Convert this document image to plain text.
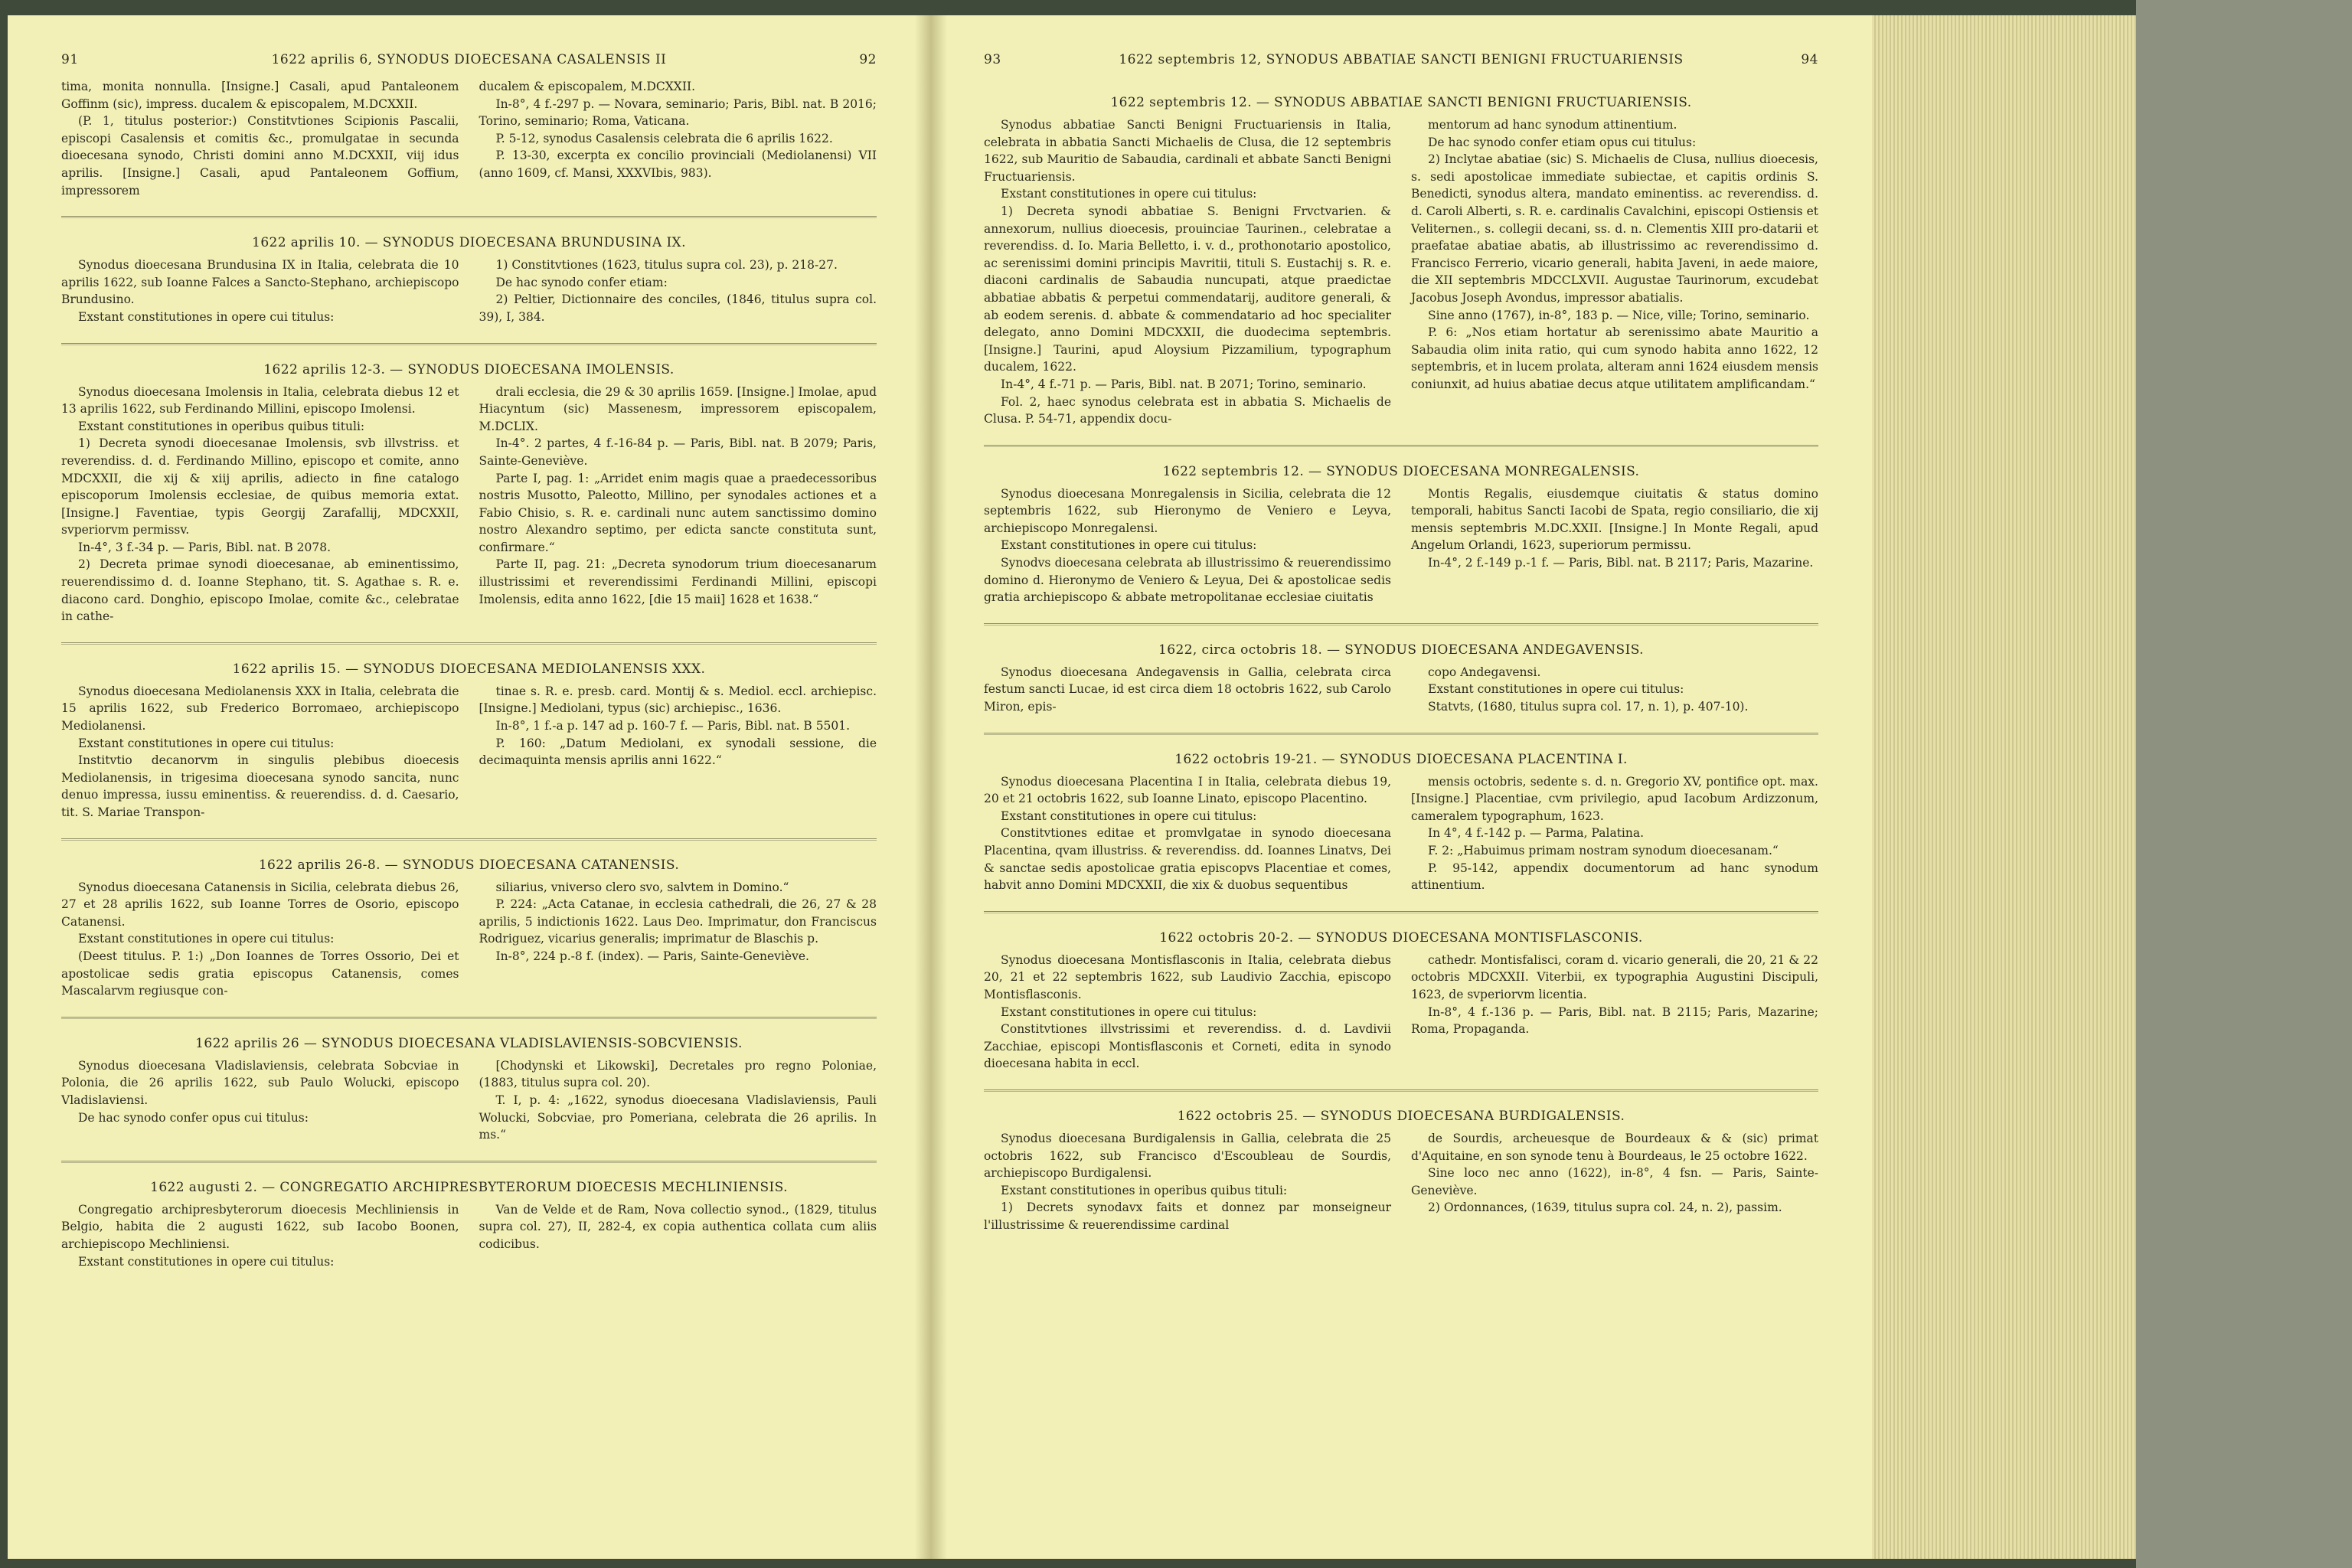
91	1622 aprilis 6, SYNODUS DIOECESANA CASALENSIS II	92

tima, monita nonnulla. [Insigne.] Casali, apud Pantaleonem Goffinm (sic), impress. ducalem & episcopalem, M.DCXXII.

(P. 1, titulus posterior:) Constitvtiones Scipionis Pascalii, episcopi Casalensis et comitis &c., promulgatae in secunda dioecesana synodo, Christi domini anno M.DCXXII, viij idus aprilis. [Insigne.] Casali, apud Pantaleonem Goffium, impressorem

ducalem & episcopalem, M.DCXXII.

In-8°, 4 f.-297 p. — Novara, seminario; Paris, Bibl. nat. B 2016; Torino, seminario; Roma, Vaticana.

P. 5-12, synodus Casalensis celebrata die 6 aprilis 1622.

P. 13-30, excerpta ex concilio provinciali (Mediolanensi) VII (anno 1609, cf. Mansi, XXXVIbis, 983).

1622 aprilis 10. — SYNODUS DIOECESANA BRUNDUSINA IX.

Synodus dioecesana Brundusina IX in Italia, celebrata die 10 aprilis 1622, sub Ioanne Falces a Sancto-Stephano, archiepiscopo Brundusino.

Exstant constitutiones in opere cui titulus:

1) Constitvtiones (1623, titulus supra col. 23), p. 218-27.

De hac synodo confer etiam:

2) Peltier, Dictionnaire des conciles, (1846, titulus supra col. 39), I, 384.

1622 aprilis 12-3. — SYNODUS DIOECESANA IMOLENSIS.

Synodus dioecesana Imolensis in Italia, celebrata diebus 12 et 13 aprilis 1622, sub Ferdinando Millini, episcopo Imolensi.

Exstant constitutiones in operibus quibus tituli:

1) Decreta synodi dioecesanae Imolensis, svb illvstriss. et reverendiss. d. d. Ferdinando Millino, episcopo et comite, anno MDCXXII, die xij & xiij aprilis, adiecto in fine catalogo episcoporum Imolensis ecclesiae, de quibus memoria extat. [Insigne.] Faventiae, typis Georgij Zarafallij, MDCXXII, svperiorvm permissv.

In-4°, 3 f.-34 p. — Paris, Bibl. nat. B 2078.

2) Decreta primae synodi dioecesanae, ab eminentissimo, reuerendissimo d. d. Ioanne Stephano, tit. S. Agathae s. R. e. diacono card. Donghio, episcopo Imolae, comite &c., celebratae in cathe-

drali ecclesia, die 29 & 30 aprilis 1659. [Insigne.] Imolae, apud Hiacyntum (sic) Massenesm, impressorem episcopalem, M.DCLIX.

In-4°. 2 partes, 4 f.-16-84 p. — Paris, Bibl. nat. B 2079; Paris, Sainte-Geneviève.

Parte I, pag. 1: „Arridet enim magis quae a praedecessoribus nostris Musotto, Paleotto, Millino, per synodales actiones et a Fabio Chisio, s. R. e. cardinali nunc autem sanctissimo domino nostro Alexandro septimo, per edicta sancte constituta sunt, confirmare.“

Parte II, pag. 21: „Decreta synodorum trium dioecesanarum illustrissimi et reverendissimi Ferdinandi Millini, episcopi Imolensis, edita anno 1622, [die 15 maii] 1628 et 1638.“

1622 aprilis 15. — SYNODUS DIOECESANA MEDIOLANENSIS XXX.

Synodus dioecesana Mediolanensis XXX in Italia, celebrata die 15 aprilis 1622, sub Frederico Borromaeo, archiepiscopo Mediolanensi.

Exstant constitutiones in opere cui titulus:

Institvtio decanorvm in singulis plebibus dioecesis Mediolanensis, in trigesima dioecesana synodo sancita, nunc denuo impressa, iussu eminentiss. & reuerendiss. d. d. Caesario, tit. S. Mariae Transpon-

tinae s. R. e. presb. card. Montij & s. Mediol. eccl. archiepisc. [Insigne.] Mediolani, typus (sic) archiepisc., 1636.

In-8°, 1 f.-a p. 147 ad p. 160-7 f. — Paris, Bibl. nat. B 5501.

P. 160: „Datum Mediolani, ex synodali sessione, die decimaquinta mensis aprilis anni 1622.“

1622 aprilis 26-8. — SYNODUS DIOECESANA CATANENSIS.

Synodus dioecesana Catanensis in Sicilia, celebrata diebus 26, 27 et 28 aprilis 1622, sub Ioanne Torres de Osorio, episcopo Catanensi.

Exstant constitutiones in opere cui titulus:

(Deest titulus. P. 1:) „Don Ioannes de Torres Ossorio, Dei et apostolicae sedis gratia episcopus Catanensis, comes Mascalarvm regiusque con-

siliarius, vniverso clero svo, salvtem in Domino.“

P. 224: „Acta Catanae, in ecclesia cathedrali, die 26, 27 & 28 aprilis, 5 indictionis 1622. Laus Deo. Imprimatur, don Franciscus Rodriguez, vicarius generalis; imprimatur de Blaschis p.

In-8°, 224 p.-8 f. (index). — Paris, Sainte-Geneviève.

1622 aprilis 26 — SYNODUS DIOECESANA VLADISLAVIENSIS-SOBCVIENSIS.

Synodus dioecesana Vladislaviensis, celebrata Sobcviae in Polonia, die 26 aprilis 1622, sub Paulo Wolucki, episcopo Vladislaviensi.

De hac synodo confer opus cui titulus:

[Chodynski et Likowski], Decretales pro regno Poloniae, (1883, titulus supra col. 20).

T. I, p. 4: „1622, synodus dioecesana Vladislaviensis, Pauli Wolucki, Sobcviae, pro Pomeriana, celebrata die 26 aprilis. In ms.“

1622 augusti 2. — CONGREGATIO ARCHIPRESBYTERORUM DIOECESIS MECHLINIENSIS.

Congregatio archipresbyterorum dioecesis Mechliniensis in Belgio, habita die 2 augusti 1622, sub Iacobo Boonen, archiepiscopo Mechliniensi.

Exstant constitutiones in opere cui titulus:

Van de Velde et de Ram, Nova collectio synod., (1829, titulus supra col. 27), II, 282-4, ex copia authentica collata cum aliis codicibus.

93	1622 septembris 12, SYNODUS ABBATIAE SANCTI BENIGNI FRUCTUARIENSIS	94
1622 septembris 12. — SYNODUS ABBATIAE SANCTI BENIGNI FRUCTUARIENSIS.

Synodus abbatiae Sancti Benigni Fructuariensis in Italia, celebrata in abbatia Sancti Michaelis de Clusa, die 12 septembris 1622, sub Mauritio de Sabaudia, cardinali et abbate Sancti Benigni Fructuariensis.

Exstant constitutiones in opere cui titulus:

1) Decreta synodi abbatiae S. Benigni Frvctvarien. & annexorum, nullius dioecesis, prouinciae Taurinen., celebratae a reverendiss. d. Io. Maria Belletto, i. v. d., prothonotario apostolico, ac serenissimi domini principis Mavritii, tituli S. Eustachij s. R. e. diaconi cardinalis de Sabaudia nuncupati, atque praedictae abbatiae abbatis & perpetui commendatarij, auditore generali, & ab eodem serenis. d. abbate & commendatario ad hoc specialiter delegato, anno Domini MDCXXII, die duodecima septembris. [Insigne.] Taurini, apud Aloysium Pizzamilium, typographum ducalem, 1622.

In-4°, 4 f.-71 p. — Paris, Bibl. nat. B 2071; Torino, seminario.

Fol. 2, haec synodus celebrata est in abbatia S. Michaelis de Clusa. P. 54-71, appendix docu-

mentorum ad hanc synodum attinentium.

De hac synodo confer etiam opus cui titulus:

2) Inclytae abatiae (sic) S. Michaelis de Clusa, nullius dioecesis, s. sedi apostolicae immediate subiectae, et capitis ordinis S. Benedicti, synodus altera, mandato eminentiss. ac reverendiss. d. d. Caroli Alberti, s. R. e. cardinalis Cavalchini, episcopi Ostiensis et Veliternen., s. collegii decani, ss. d. n. Clementis XIII pro-datarii et praefatae abatiae abatis, ab illustrissimo ac reverendissimo d. Francisco Ferrerio, vicario generali, habita Javeni, in aede maiore, die XII septembris MDCCLXVII. Augustae Taurinorum, excudebat Jacobus Joseph Avondus, impressor abatialis.

Sine anno (1767), in-8°, 183 p. — Nice, ville; Torino, seminario.

P. 6: „Nos etiam hortatur ab serenissimo abate Mauritio a Sabaudia olim inita ratio, qui cum synodo habita anno 1622, 12 septembris, et in lucem prolata, alteram anni 1624 eiusdem mensis coniunxit, ad huius abatiae decus atque utilitatem amplificandam.“

1622 septembris 12. — SYNODUS DIOECESANA MONREGALENSIS.

Synodus dioecesana Monregalensis in Sicilia, celebrata die 12 septembris 1622, sub Hieronymo de Veniero e Leyva, archiepiscopo Monregalensi.

Exstant constitutiones in opere cui titulus:

Synodvs dioecesana celebrata ab illustrissimo & reuerendissimo domino d. Hieronymo de Veniero & Leyua, Dei & apostolicae sedis gratia archiepiscopo & abbate metropolitanae ecclesiae ciuitatis

Montis Regalis, eiusdemque ciuitatis & status domino temporali, habitus Sancti Iacobi de Spata, regio consiliario, die xij mensis septembris M.DC.XXII. [Insigne.] In Monte Regali, apud Angelum Orlandi, 1623, superiorum permissu.

In-4°, 2 f.-149 p.-1 f. — Paris, Bibl. nat. B 2117; Paris, Mazarine.

1622, circa octobris 18. — SYNODUS DIOECESANA ANDEGAVENSIS.

Synodus dioecesana Andegavensis in Gallia, celebrata circa festum sancti Lucae, id est circa diem 18 octobris 1622, sub Carolo Miron, epis-

copo Andegavensi.

Exstant constitutiones in opere cui titulus:

Statvts, (1680, titulus supra col. 17, n. 1), p. 407-10).

1622 octobris 19-21. — SYNODUS DIOECESANA PLACENTINA I.

Synodus dioecesana Placentina I in Italia, celebrata diebus 19, 20 et 21 octobris 1622, sub Ioanne Linato, episcopo Placentino.

Exstant constitutiones in opere cui titulus:

Constitvtiones editae et promvlgatae in synodo dioecesana Placentina, qvam illustriss. & reverendiss. dd. Ioannes Linatvs, Dei & sanctae sedis apostolicae gratia episcopvs Placentiae et comes, habvit anno Domini MDCXXII, die xix & duobus sequentibus

mensis octobris, sedente s. d. n. Gregorio XV, pontifice opt. max. [Insigne.] Placentiae, cvm privilegio, apud Iacobum Ardizzonum, cameralem typographum, 1623.

In 4°, 4 f.-142 p. — Parma, Palatina.

F. 2: „Habuimus primam nostram synodum dioecesanam.“

P. 95-142, appendix documentorum ad hanc synodum attinentium.

1622 octobris 20-2. — SYNODUS DIOECESANA MONTISFLASCONIS.

Synodus dioecesana Montisflasconis in Italia, celebrata diebus 20, 21 et 22 septembris 1622, sub Laudivio Zacchia, episcopo Montisflasconis.

Exstant constitutiones in opere cui titulus:

Constitvtiones illvstrissimi et reverendiss. d. d. Lavdivii Zacchiae, episcopi Montisflasconis et Corneti, edita in synodo dioecesana habita in eccl.

cathedr. Montisfalisci, coram d. vicario generali, die 20, 21 & 22 octobris MDCXXII. Viterbii, ex typographia Augustini Discipuli, 1623, de svperiorvm licentia.

In-8°, 4 f.-136 p. — Paris, Bibl. nat. B 2115; Paris, Mazarine; Roma, Propaganda.

1622 octobris 25. — SYNODUS DIOECESANA BURDIGALENSIS.

Synodus dioecesana Burdigalensis in Gallia, celebrata die 25 octobris 1622, sub Francisco d'Escoubleau de Sourdis, archiepiscopo Burdigalensi.

Exstant constitutiones in operibus quibus tituli:

1) Decrets synodavx faits et donnez par monseigneur l'illustrissime & reuerendissime cardinal

de Sourdis, archeuesque de Bourdeaux & & (sic) primat d'Aquitaine, en son synode tenu à Bourdeaus, le 25 octobre 1622.

Sine loco nec anno (1622), in-8°, 4 fsn. — Paris, Sainte-Geneviève.

2) Ordonnances, (1639, titulus supra col. 24, n. 2), passim.
